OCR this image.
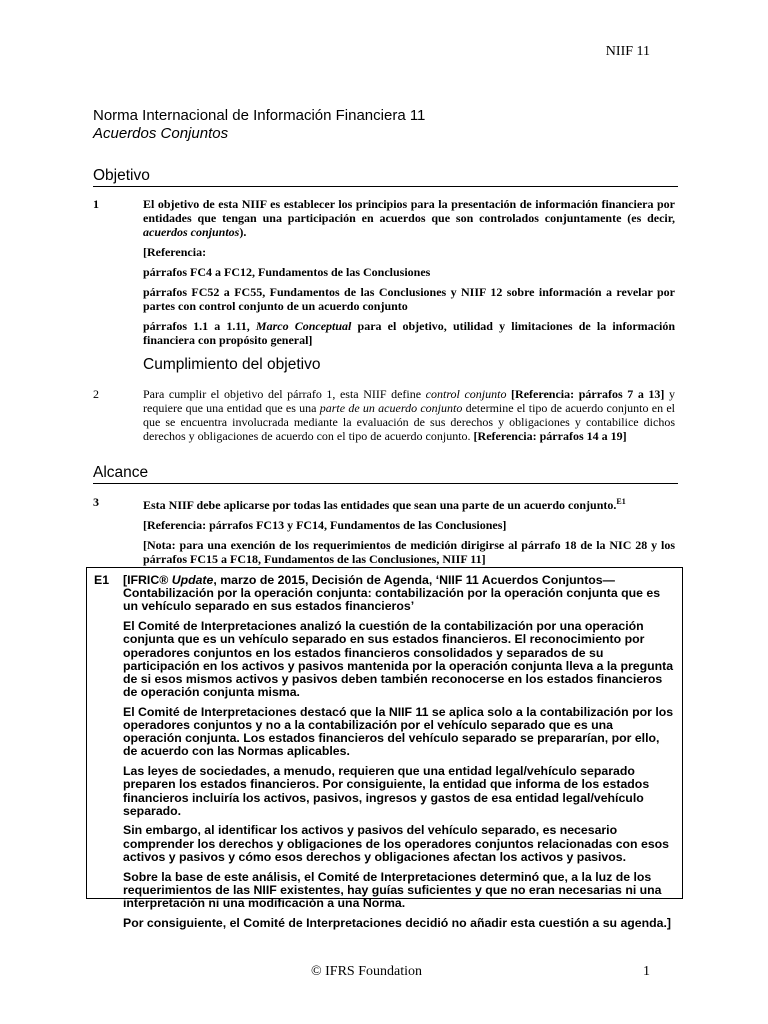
NIIF 11
Norma Internacional de Información Financiera 11
Acuerdos Conjuntos
Objetivo
1	El objetivo de esta NIIF es establecer los principios para la presentación de información financiera por entidades que tengan una participación en acuerdos que son controlados conjuntamente (es decir, acuerdos conjuntos).

[Referencia:

párrafos FC4 a FC12, Fundamentos de las Conclusiones

párrafos FC52 a FC55, Fundamentos de las Conclusiones y NIIF 12 sobre información a revelar por partes con control conjunto de un acuerdo conjunto

párrafos 1.1 a 1.11, Marco Conceptual para el objetivo, utilidad y limitaciones de la información financiera con propósito general]

Cumplimiento del objetivo
2	Para cumplir el objetivo del párrafo 1, esta NIIF define control conjunto [Referencia: párrafos 7 a 13] y requiere que una entidad que es una parte de un acuerdo conjunto determine el tipo de acuerdo conjunto en el que se encuentra involucrada mediante la evaluación de sus derechos y obligaciones y contabilice dichos derechos y obligaciones de acuerdo con el tipo de acuerdo conjunto. [Referencia: párrafos 14 a 19]

Alcance
3	Esta NIIF debe aplicarse por todas las entidades que sean una parte de un acuerdo conjunto.$^{E1}$

[Referencia: párrafos FC13 y FC14, Fundamentos de las Conclusiones]

[Nota: para una exención de los requerimientos de medición dirigirse al párrafo 18 de la NIC 28 y los párrafos FC15 a FC18, Fundamentos de las Conclusiones, NIIF 11]

E1 [IFRIC® Update, marzo de 2015, Decisión de Agenda, ‘NIIF 11 Acuerdos Conjuntos—Contabilización por la operación conjunta: contabilización por la operación conjunta que es un vehículo separado en sus estados financieros’

El Comité de Interpretaciones analizó la cuestión de la contabilización por una operación conjunta que es un vehículo separado en sus estados financieros. El reconocimiento por operadores conjuntos en los estados financieros consolidados y separados de su participación en los activos y pasivos mantenida por la operación conjunta lleva a la pregunta de si esos mismos activos y pasivos deben también reconocerse en los estados financieros de operación conjunta misma.

El Comité de Interpretaciones destacó que la NIIF 11 se aplica solo a la contabilización por los operadores conjuntos y no a la contabilización por el vehículo separado que es una operación conjunta. Los estados financieros del vehículo separado se prepararían, por ello, de acuerdo con las Normas aplicables.

Las leyes de sociedades, a menudo, requieren que una entidad legal/vehículo separado preparen los estados financieros. Por consiguiente, la entidad que informa de los estados financieros incluiría los activos, pasivos, ingresos y gastos de esa entidad legal/vehículo separado.

Sin embargo, al identificar los activos y pasivos del vehículo separado, es necesario comprender los derechos y obligaciones de los operadores conjuntos relacionadas con esos activos y pasivos y cómo esos derechos y obligaciones afectan los activos y pasivos.

Sobre la base de este análisis, el Comité de Interpretaciones determinó que, a la luz de los requerimientos de las NIIF existentes, hay guías suficientes y que no eran necesarias ni una interpretación ni una modificación a una Norma.

Por consiguiente, el Comité de Interpretaciones decidió no añadir esta cuestión a su agenda.]

© IFRS Foundation	1
